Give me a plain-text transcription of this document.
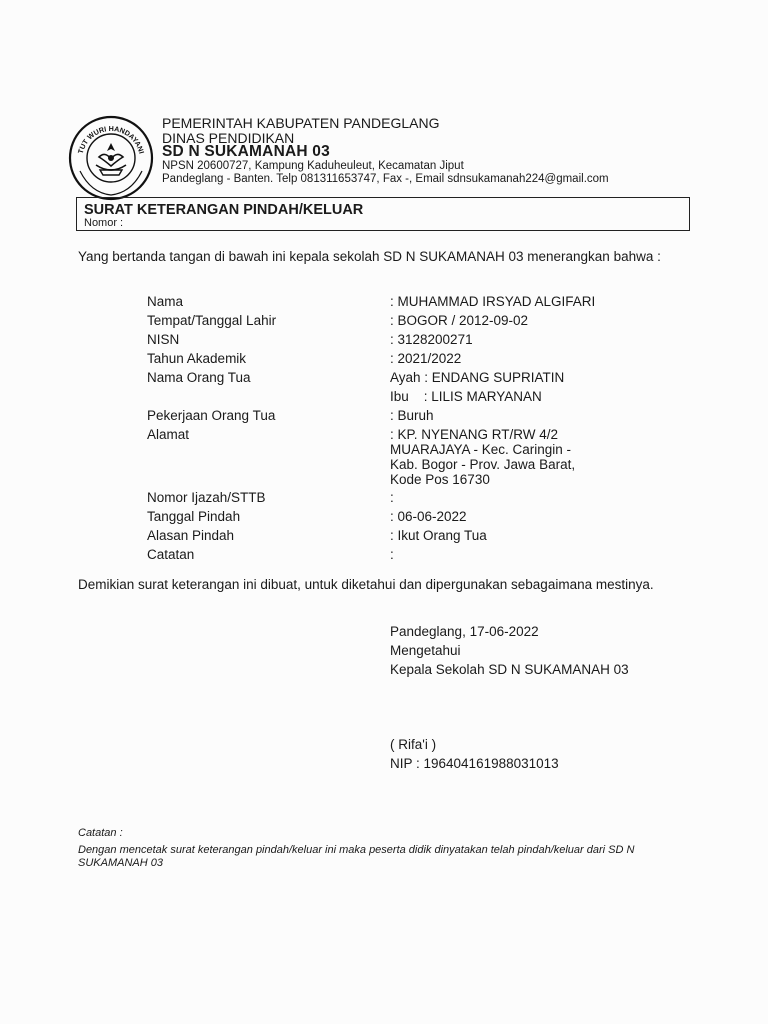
TUT WURI HANDAYANI
PEMERINTAH KABUPATEN PANDEGLANG
DINAS PENDIDIKAN
SD N SUKAMANAH 03
NPSN 20600727, Kampung Kaduheuleut, Kecamatan Jiput
Pandeglang - Banten. Telp 081311653747, Fax -, Email sdnsukamanah224@gmail.com
SURAT KETERANGAN PINDAH/KELUAR
Nomor :
Yang bertanda tangan di bawah ini kepala sekolah SD N SUKAMANAH 03 menerangkan bahwa :
Nama	: MUHAMMAD IRSYAD ALGIFARI
Tempat/Tanggal Lahir	: BOGOR / 2012-09-02
NISN	: 3128200271
Tahun Akademik	: 2021/2022
Nama Orang Tua	Ayah : ENDANG SUPRIATIN
Ibu    : LILIS MARYANAN
Pekerjaan Orang Tua	: Buruh
Alamat	: KP. NYENANG RT/RW 4/2
MUARAJAYA - Kec. Caringin -
Kab. Bogor - Prov. Jawa Barat,
Kode Pos 16730
Nomor Ijazah/STTB	:
Tanggal Pindah	: 06-06-2022
Alasan Pindah	: Ikut Orang Tua
Catatan	:
Demikian surat keterangan ini dibuat, untuk diketahui dan dipergunakan sebagaimana mestinya.
Pandeglang, 17-06-2022
Mengetahui
Kepala Sekolah SD N SUKAMANAH 03
( Rifa'i )
NIP : 196404161988031013
Catatan :
Dengan mencetak surat keterangan pindah/keluar ini maka peserta didik dinyatakan telah pindah/keluar dari SD N SUKAMANAH 03
